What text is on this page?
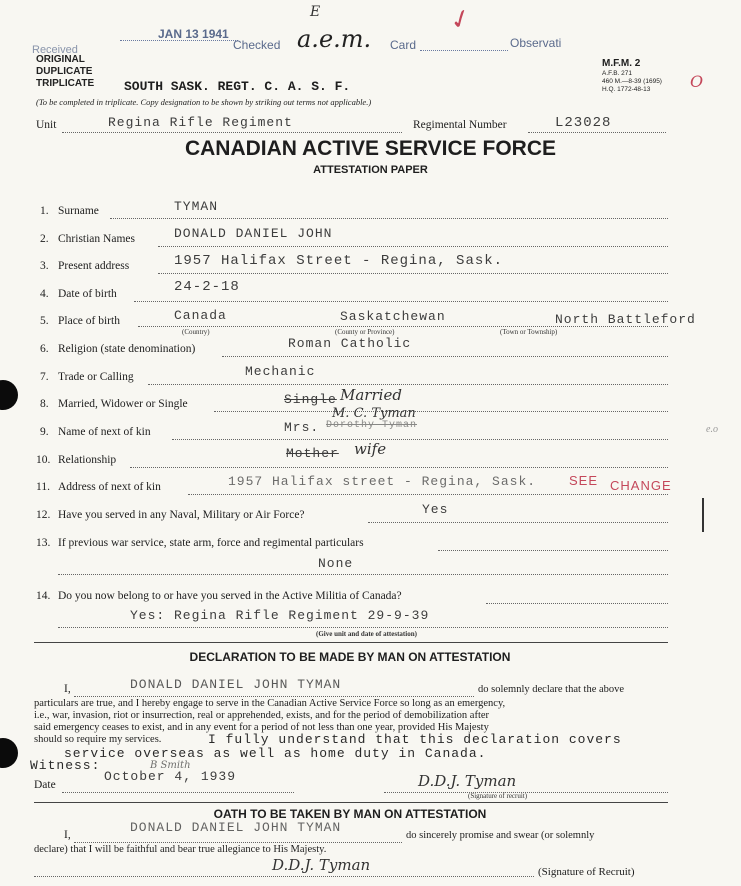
Received
JAN 13 1941
Checked a.e.m.
E
Card
✓
Observati
ORIGINAL
DUPLICATE
TRIPLICATE SOUTH SASK. REGT. C. A. S. F.
(To be completed in triplicate. Copy designation to be shown by striking out terms not applicable.)
M.F.M. 2
A.F.B. 271
460 M.—8-39 (1695)
H.Q. 1772-48-13	O
Unit	Regina Rifle Regiment	Regimental Number	L23028
CANADIAN ACTIVE SERVICE FORCE
ATTESTATION PAPER
1. Surname	TYMAN
2. Christian Names	DONALD DANIEL JOHN
3. Present address	1957 Halifax Street - Regina, Sask.
4. Date of birth	24-2-18
5. Place of birth	Canada	Saskatchewan	North Battleford
(Country)	(County or Province)	(Town or Township)
6. Religion (state denomination)	Roman Catholic
7. Trade or Calling	Mechanic
8. Married, Widower or Single	Single Married
9. Name of next of kin	Mrs. Dorothy Tyman
M. C. Tyman
e.o
10. Relationship	Mother wife
11. Address of next of kin	1957 Halifax street - Regina, Sask.	SEE CHANGE
12. Have you served in any Naval, Military or Air Force?	Yes
13. If previous war service, state arm, force and regimental particulars
None
14. Do you now belong to or have you served in the Active Militia of Canada?
Yes: Regina Rifle Regiment 29-9-39
(Give unit and date of attestation)
DECLARATION TO BE MADE BY MAN ON ATTESTATION
I,	DONALD DANIEL JOHN TYMAN	do solemnly declare that the above
particulars are true, and I hereby engage to serve in the Canadian Active Service Force so long as an emergency,
i.e., war, invasion, riot or insurrection, real or apprehended, exists, and for the period of demobilization after
said emergency ceases to exist, and in any event for a period of not less than one year, provided His Majesty
should so require my services.	I fully understand that this declaration covers
service overseas as well as home duty in Canada.
Witness:	B Smith
Date
October 4, 1939	D.D.J. Tyman
(Signature of recruit)
OATH TO BE TAKEN BY MAN ON ATTESTATION
I,	DONALD DANIEL JOHN TYMAN
do sincerely promise and swear (or solemnly
declare) that I will be faithful and bear true allegiance to His Majesty.
D.D.J. Tyman	(Signature of Recruit)
